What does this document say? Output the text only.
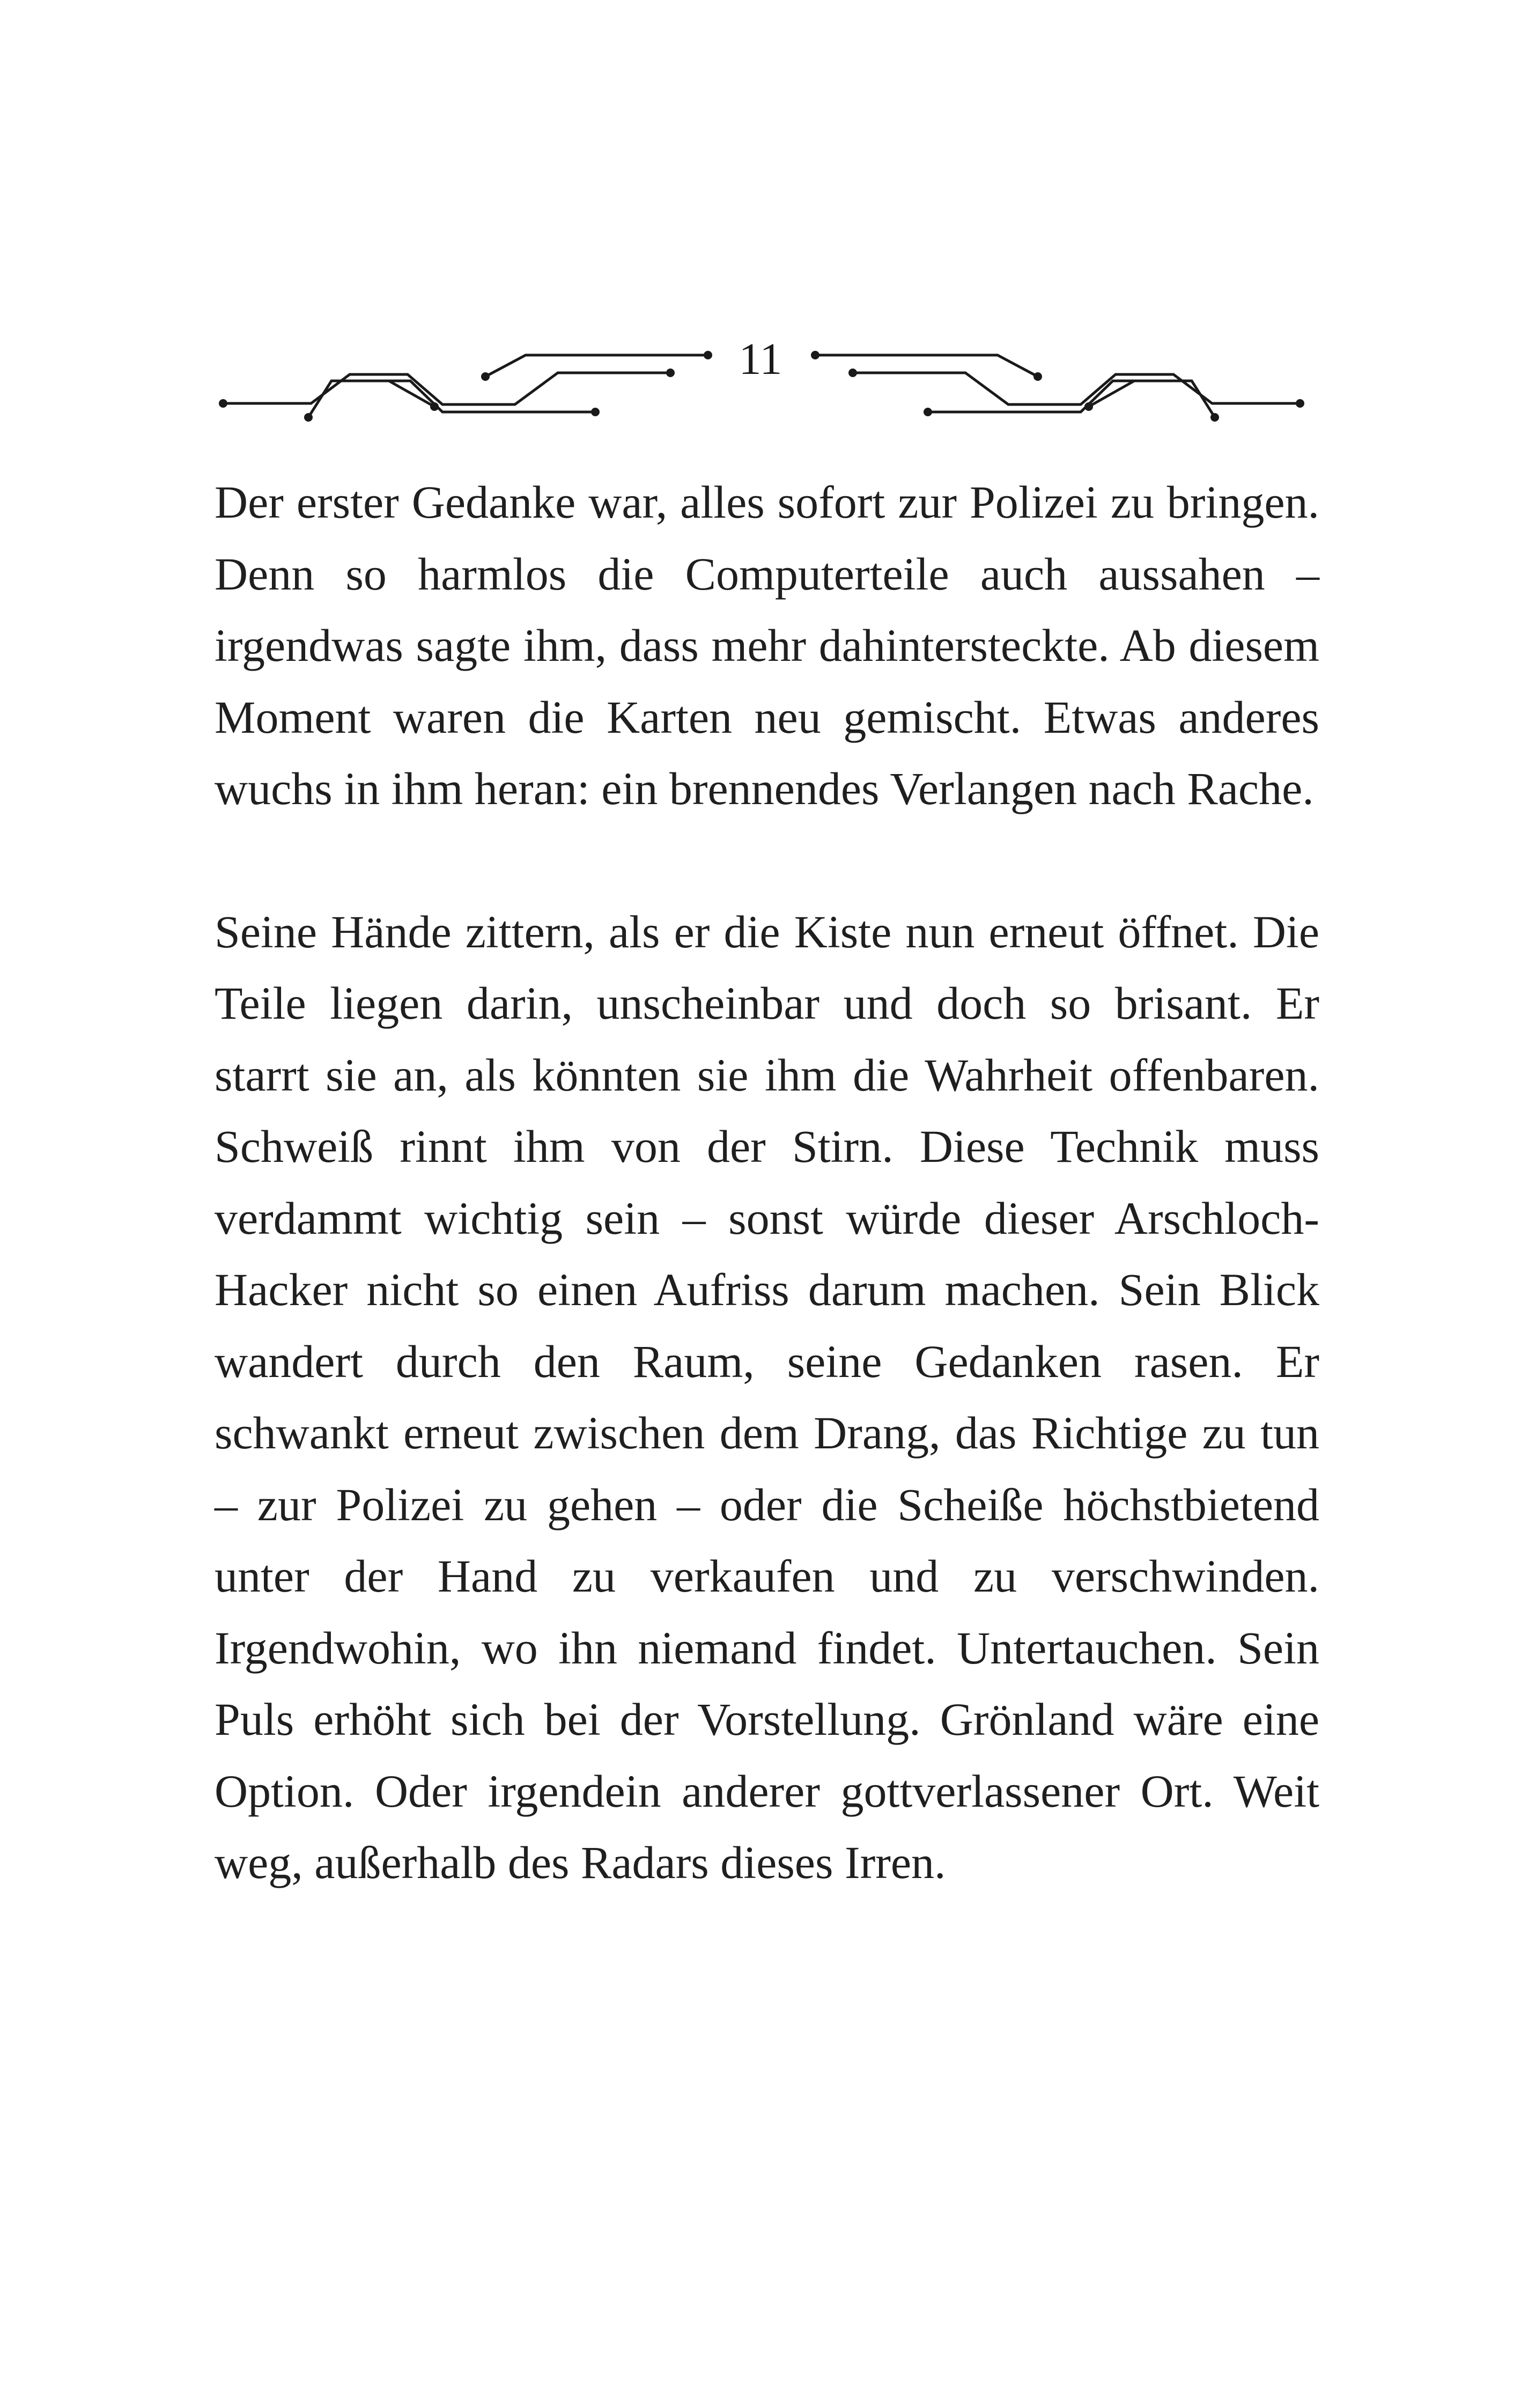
11

Der erster Gedanke war, alles sofort zur Polizei zu bringen. Denn so harmlos die Computerteile auch aussahen – irgendwas sagte ihm, dass mehr dahintersteckte. Ab diesem Moment waren die Karten neu gemischt. Etwas anderes wuchs in ihm heran: ein brennendes Verlangen nach Rache.

Seine Hände zittern, als er die Kiste nun erneut öffnet. Die Teile liegen darin, unscheinbar und doch so brisant. Er starrt sie an, als könnten sie ihm die Wahrheit offenbaren. Schweiß rinnt ihm von der Stirn. Diese Technik muss verdammt wichtig sein – sonst würde dieser Arschloch-Hacker nicht so einen Aufriss darum machen. Sein Blick wandert durch den Raum, seine Gedanken rasen. Er schwankt erneut zwischen dem Drang, das Richtige zu tun – zur Polizei zu gehen – oder die Scheiße höchstbietend unter der Hand zu verkaufen und zu verschwinden. Irgendwohin, wo ihn niemand findet. Untertauchen. Sein Puls erhöht sich bei der Vorstellung. Grönland wäre eine Option. Oder irgendein anderer gottverlassener Ort. Weit weg, außerhalb des Radars dieses Irren.
